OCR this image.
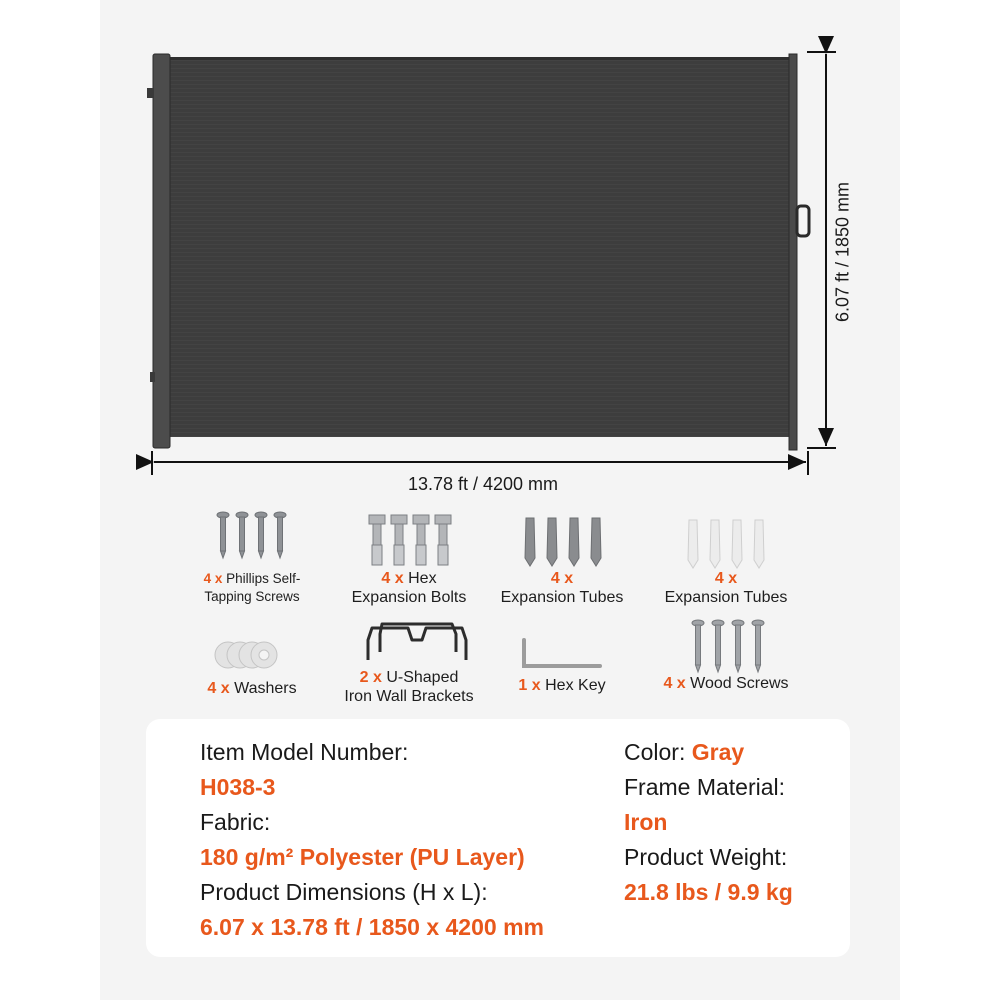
6.07 ft / 1850 mm
13.78 ft / 4200 mm
4 x Phillips Self-
Tapping Screws
4 x Hex
Expansion Bolts
4 x
Expansion Tubes
4 x
Expansion Tubes
4 x Washers
2 x U-Shaped
Iron Wall Brackets
1 x Hex Key	4 x Wood Screws
Item Model Number:
H038-3
Fabric:
180 g/m² Polyester (PU Layer)
Product Dimensions (H x L):
6.07 x 13.78 ft / 1850 x 4200 mm
Color: Gray
Frame Material:
Iron
Product Weight:
21.8 lbs / 9.9 kg
